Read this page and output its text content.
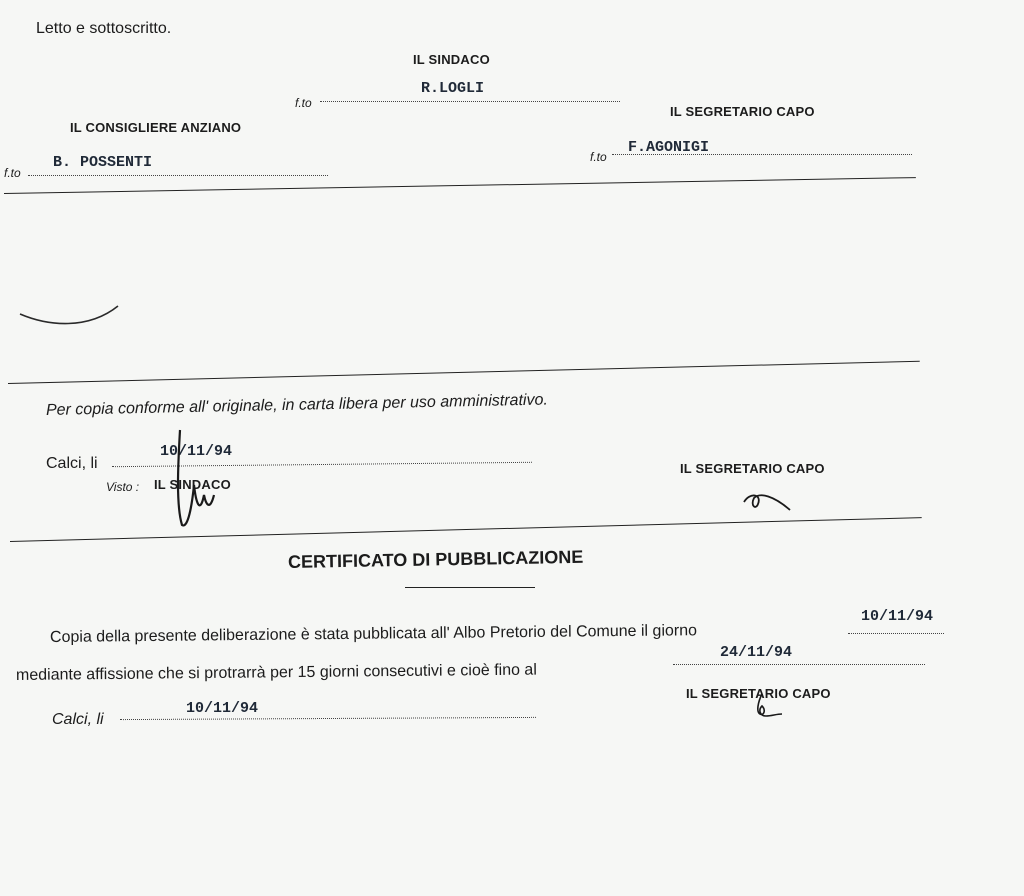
Letto e sottoscritto.
IL SINDACO
f.to
R.LOGLI
IL SEGRETARIO CAPO
IL CONSIGLIERE ANZIANO
f.to
B. POSSENTI	f.to
F.AGONIGI
Per copia conforme all' originale, in carta libera per uso amministrativo.
Calci, li
10/11/94
Visto : IL SINDACO
IL SEGRETARIO CAPO
CERTIFICATO DI PUBBLICAZIONE
Copia della presente deliberazione è stata pubblicata all' Albo Pretorio del Comune il giorno
10/11/94
mediante affissione che si protrarrà per 15 giorni consecutivi e cioè fino al
24/11/94
IL SEGRETARIO CAPO
Calci, li
10/11/94
